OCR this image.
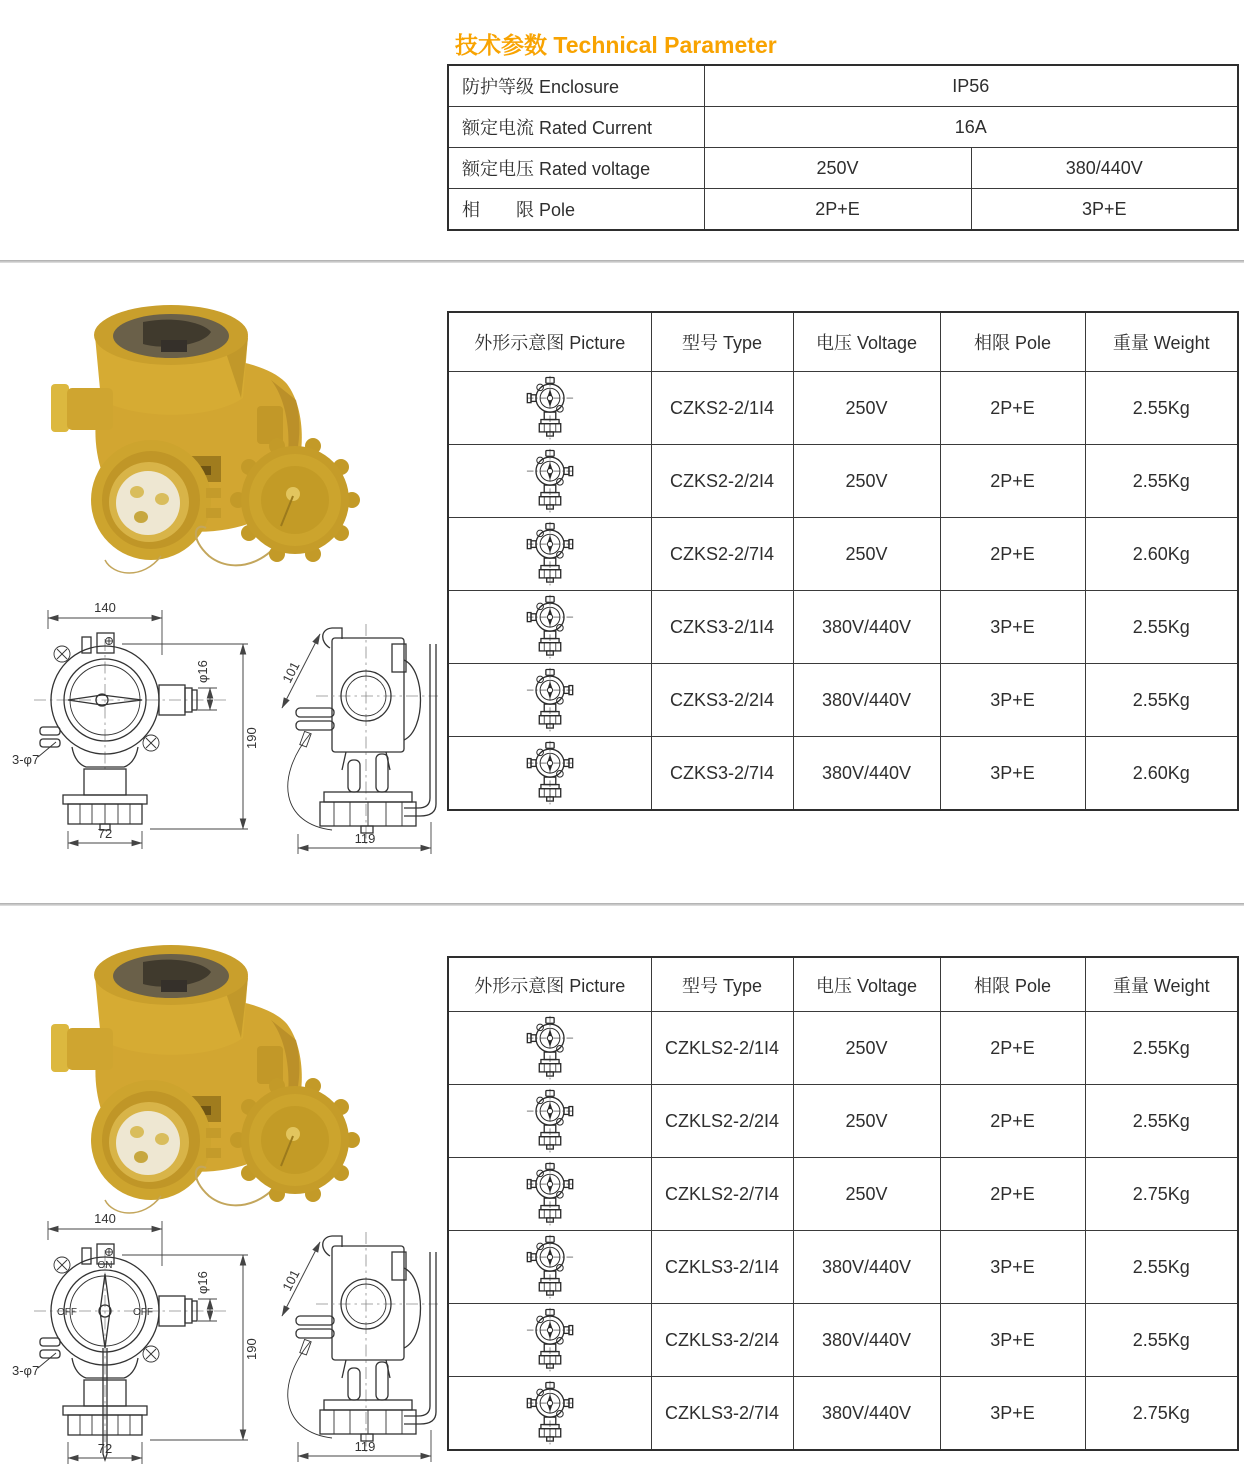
技术参数 Technical Parameter
防护等级 Enclosure	IP56	
额定电流 Rated Current	16A	
额定电压 Rated voltage	250V	380/440V
相　　限 Pole	2P+E	3P+E
140
φ16
190
3-φ7
72
101
119
外形示意图 Picture	型号 Type	电压 Voltage	相限 Pole	重量 Weight

	CZKS2-2/1I4	250V	2P+E	2.55Kg

	CZKS2-2/2I4	250V	2P+E	2.55Kg

	CZKS2-2/7I4	250V	2P+E	2.60Kg

	CZKS3-2/1I4	380V/440V	3P+E	2.55Kg

	CZKS3-2/2I4	380V/440V	3P+E	2.55Kg

	CZKS3-2/7I4	380V/440V	3P+E	2.60Kg
140
ON
OFF	OFF
φ16
190
3-φ7
72
101
119
外形示意图 Picture	型号 Type	电压 Voltage	相限 Pole	重量 Weight

	CZKLS2-2/1I4	250V	2P+E	2.55Kg

	CZKLS2-2/2I4	250V	2P+E	2.55Kg

	CZKLS2-2/7I4	250V	2P+E	2.75Kg

	CZKLS3-2/1I4	380V/440V	3P+E	2.55Kg

	CZKLS3-2/2I4	380V/440V	3P+E	2.55Kg

	CZKLS3-2/7I4	380V/440V	3P+E	2.75Kg
